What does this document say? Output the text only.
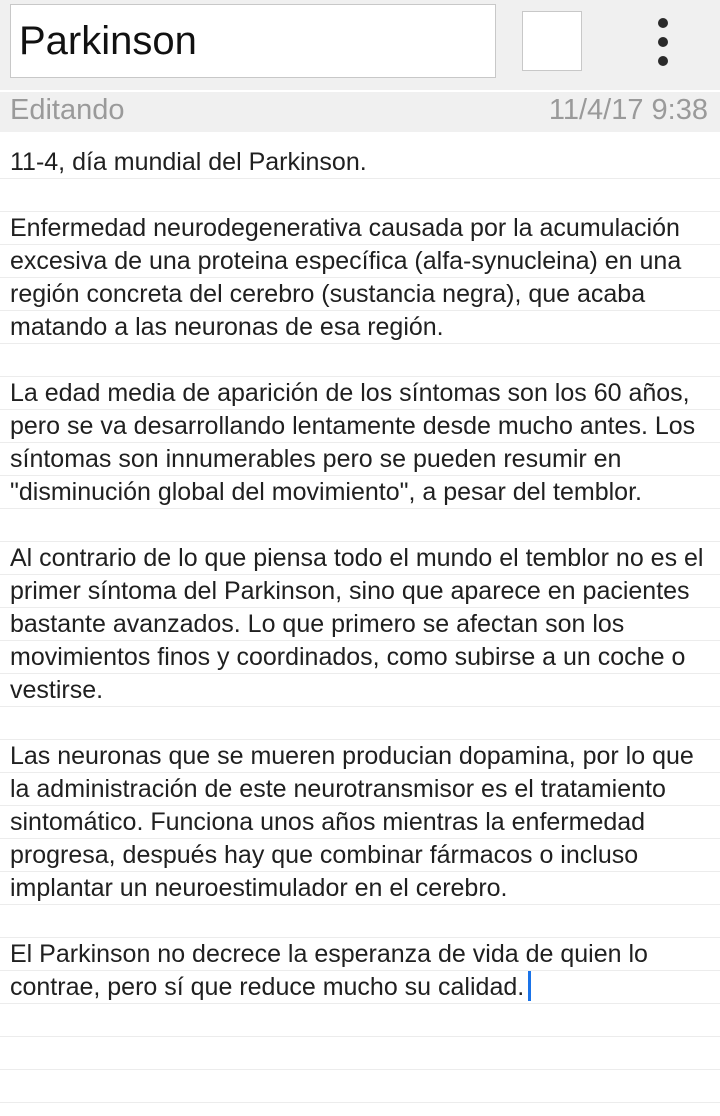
Parkinson
Editando	11/4/17 9:38

11-4, día mundial del Parkinson.

Enfermedad neurodegenerativa causada por la acumulación excesiva de una proteina específica (alfa-synucleina) en una región concreta del cerebro (sustancia negra), que acaba matando a las neuronas de esa región.

La edad media de aparición de los síntomas son los 60 años, pero se va desarrollando lentamente desde mucho antes. Los síntomas son innumerables pero se pueden resumir en "disminución global del movimiento", a pesar del temblor.

Al contrario de lo que piensa todo el mundo el temblor no es el primer síntoma del Parkinson, sino que aparece en pacientes bastante avanzados. Lo que primero se afectan son los movimientos finos y coordinados, como subirse a un coche o vestirse.

Las neuronas que se mueren producian dopamina, por lo que la administración de este neurotransmisor es el tratamiento sintomático. Funciona unos años mientras la enfermedad progresa, después hay que combinar fármacos o incluso implantar un neuroestimulador en el cerebro.

El Parkinson no decrece la esperanza de vida de quien lo contrae, pero sí que reduce mucho su calidad.
